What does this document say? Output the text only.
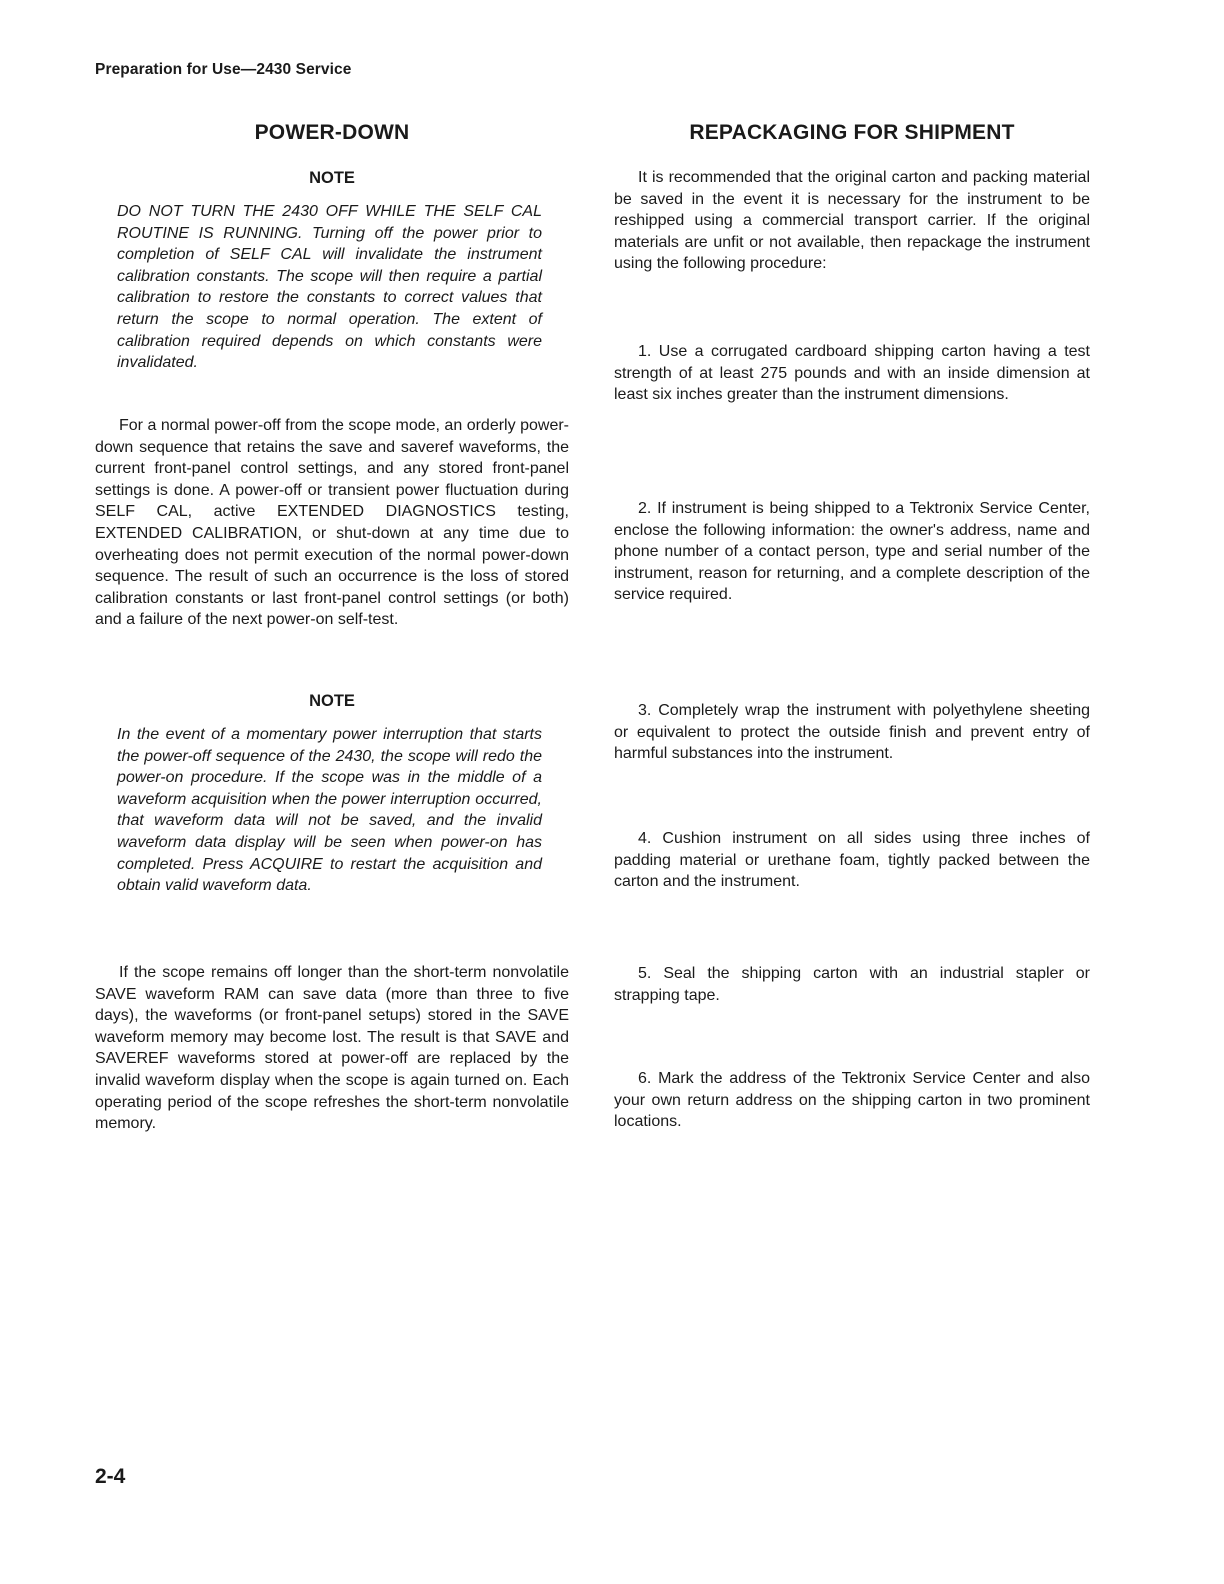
Preparation for Use—2430 Service
POWER-DOWN
NOTE

DO NOT TURN THE 2430 OFF WHILE THE SELF CAL ROUTINE IS RUNNING. Turning off the power prior to completion of SELF CAL will invalidate the instrument calibration constants. The scope will then require a partial calibration to restore the constants to correct values that return the scope to normal operation. The extent of calibration required depends on which constants were invalidated.

For a normal power-off from the scope mode, an orderly power-down sequence that retains the save and saveref waveforms, the current front-panel control settings, and any stored front-panel settings is done. A power-off or transient power fluctuation during SELF CAL, active EXTENDED DIAGNOSTICS testing, EXTENDED CALIBRATION, or shut-down at any time due to overheating does not permit execution of the normal power-down sequence. The result of such an occurrence is the loss of stored calibration constants or last front-panel control settings (or both) and a failure of the next power-on self-test.

NOTE

In the event of a momentary power interruption that starts the power-off sequence of the 2430, the scope will redo the power-on procedure. If the scope was in the middle of a waveform acquisition when the power interruption occurred, that waveform data will not be saved, and the invalid waveform data display will be seen when power-on has completed. Press ACQUIRE to restart the acquisition and obtain valid waveform data.

If the scope remains off longer than the short-term nonvolatile SAVE waveform RAM can save data (more than three to five days), the waveforms (or front-panel setups) stored in the SAVE waveform memory may become lost. The result is that SAVE and SAVEREF waveforms stored at power-off are replaced by the invalid waveform display when the scope is again turned on. Each operating period of the scope refreshes the short-term nonvolatile memory.

REPACKAGING FOR SHIPMENT

It is recommended that the original carton and packing material be saved in the event it is necessary for the instrument to be reshipped using a commercial transport carrier. If the original materials are unfit or not available, then repackage the instrument using the following procedure:

1. Use a corrugated cardboard shipping carton having a test strength of at least 275 pounds and with an inside dimension at least six inches greater than the instrument dimensions.

2. If instrument is being shipped to a Tektronix Service Center, enclose the following information: the owner's address, name and phone number of a contact person, type and serial number of the instrument, reason for returning, and a complete description of the service required.

3. Completely wrap the instrument with polyethylene sheeting or equivalent to protect the outside finish and prevent entry of harmful substances into the instrument.

4. Cushion instrument on all sides using three inches of padding material or urethane foam, tightly packed between the carton and the instrument.

5. Seal the shipping carton with an industrial stapler or strapping tape.

6. Mark the address of the Tektronix Service Center and also your own return address on the shipping carton in two prominent locations.

2-4
